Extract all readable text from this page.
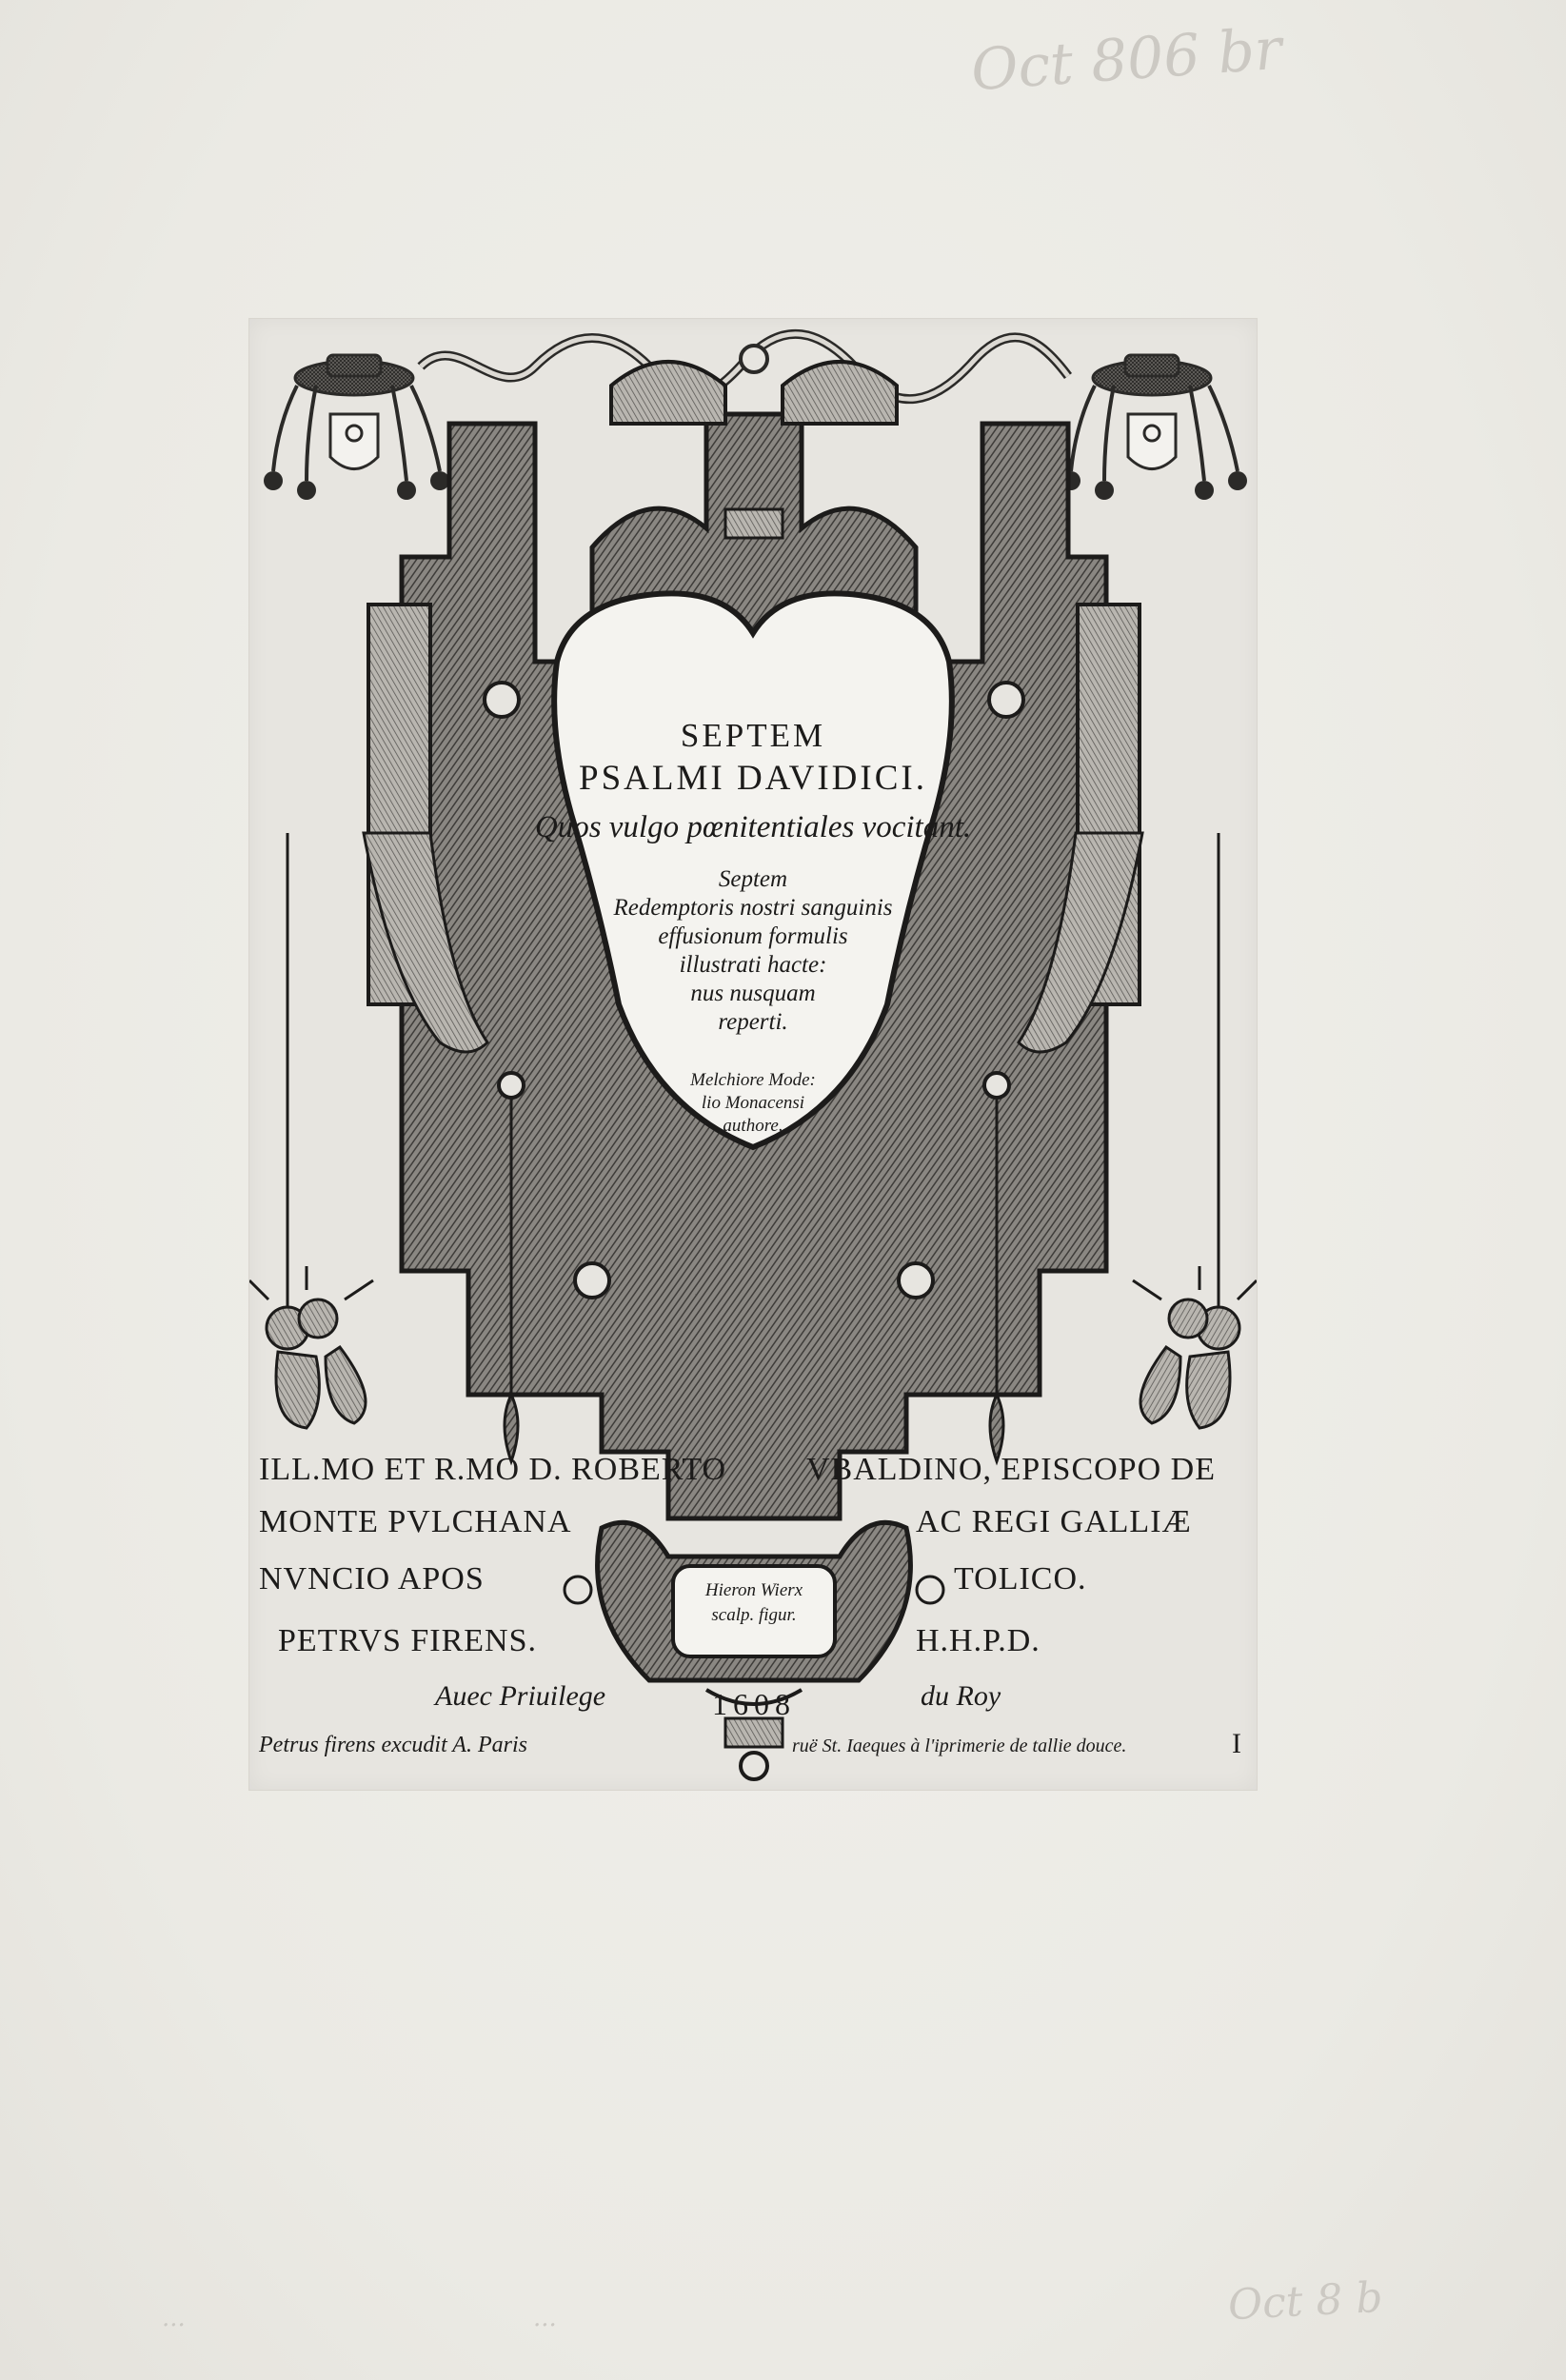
Oct 806 br
...	...	Oct 8 b
SEPTEM
PSALMI DAVIDICI.
Quos vulgo pœnitentiales vocitant.
Septem
Redemptoris nostri sanguinis
effusionum formulis
illustrati hacte:
nus nusquam
reperti.
Melchiore Mode:
lio Monacensi
authore.
ILL.MO ET R.MO D. ROBERTO VBALDINO, EPISCOPO DE
MONTE PVLCHANA	AC REGI GALLIÆ
NVNCIO APOS	TOLICO.
PETRVS FIRENS.	H.H.P.D.
Hieron Wierx
scalp. figur.
Auec Priuilege	1608	du Roy
Petrus firens excudit A. Paris	ruë St. Iaeques à l'iprimerie de tallie douce.	I
